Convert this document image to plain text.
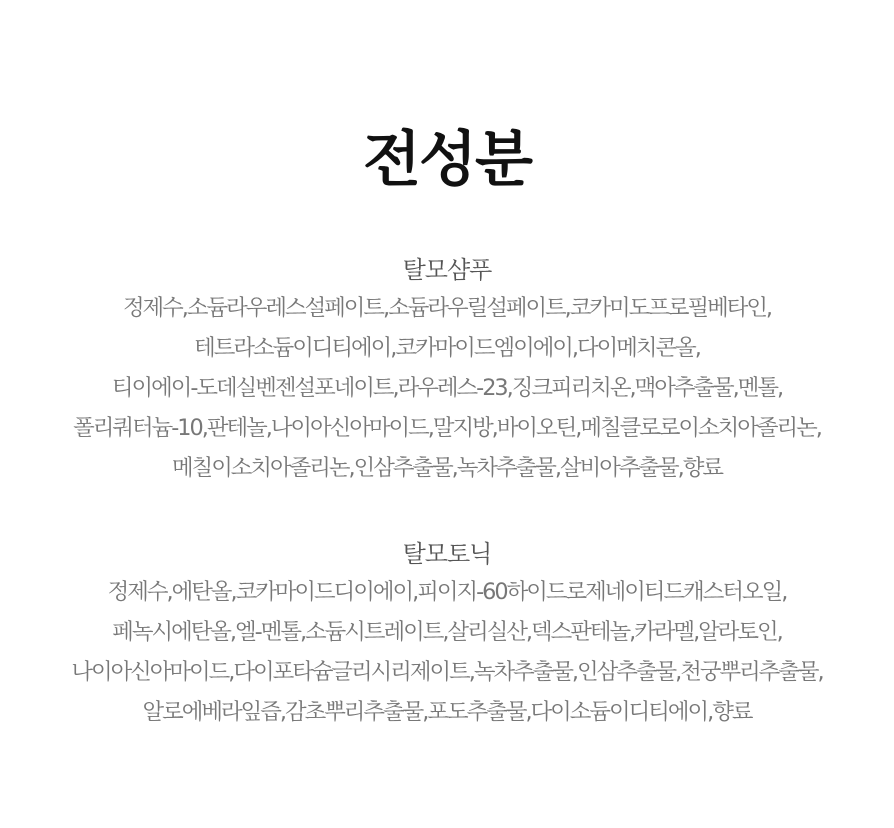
전성분
탈모샴푸
정제수,소듐라우레스설페이트,소듐라우릴설페이트,코카미도프로필베타인,
테트라소듐이디티에이,코카마이드엠이에이,다이메치콘올,
티이에이-도데실벤젠설포네이트,라우레스-23,징크피리치온,맥아추출물,멘톨,
폴리쿼터늄-10,판테놀,나이아신아마이드,말지방,바이오틴,메칠클로로이소치아졸리논,
메칠이소치아졸리논,인삼추출물,녹차추출물,살비아추출물,향료
탈모토닉
정제수,에탄올,코카마이드디이에이,피이지-60하이드로제네이티드캐스터오일,
페녹시에탄올,엘-멘톨,소듐시트레이트,살리실산,덱스판테놀,카라멜,알라토인,
나이아신아마이드,다이포타슘글리시리제이트,녹차추출물,인삼추출물,천궁뿌리추출물,
알로에베라잎즙,감초뿌리추출물,포도추출물,다이소듐이디티에이,향료
